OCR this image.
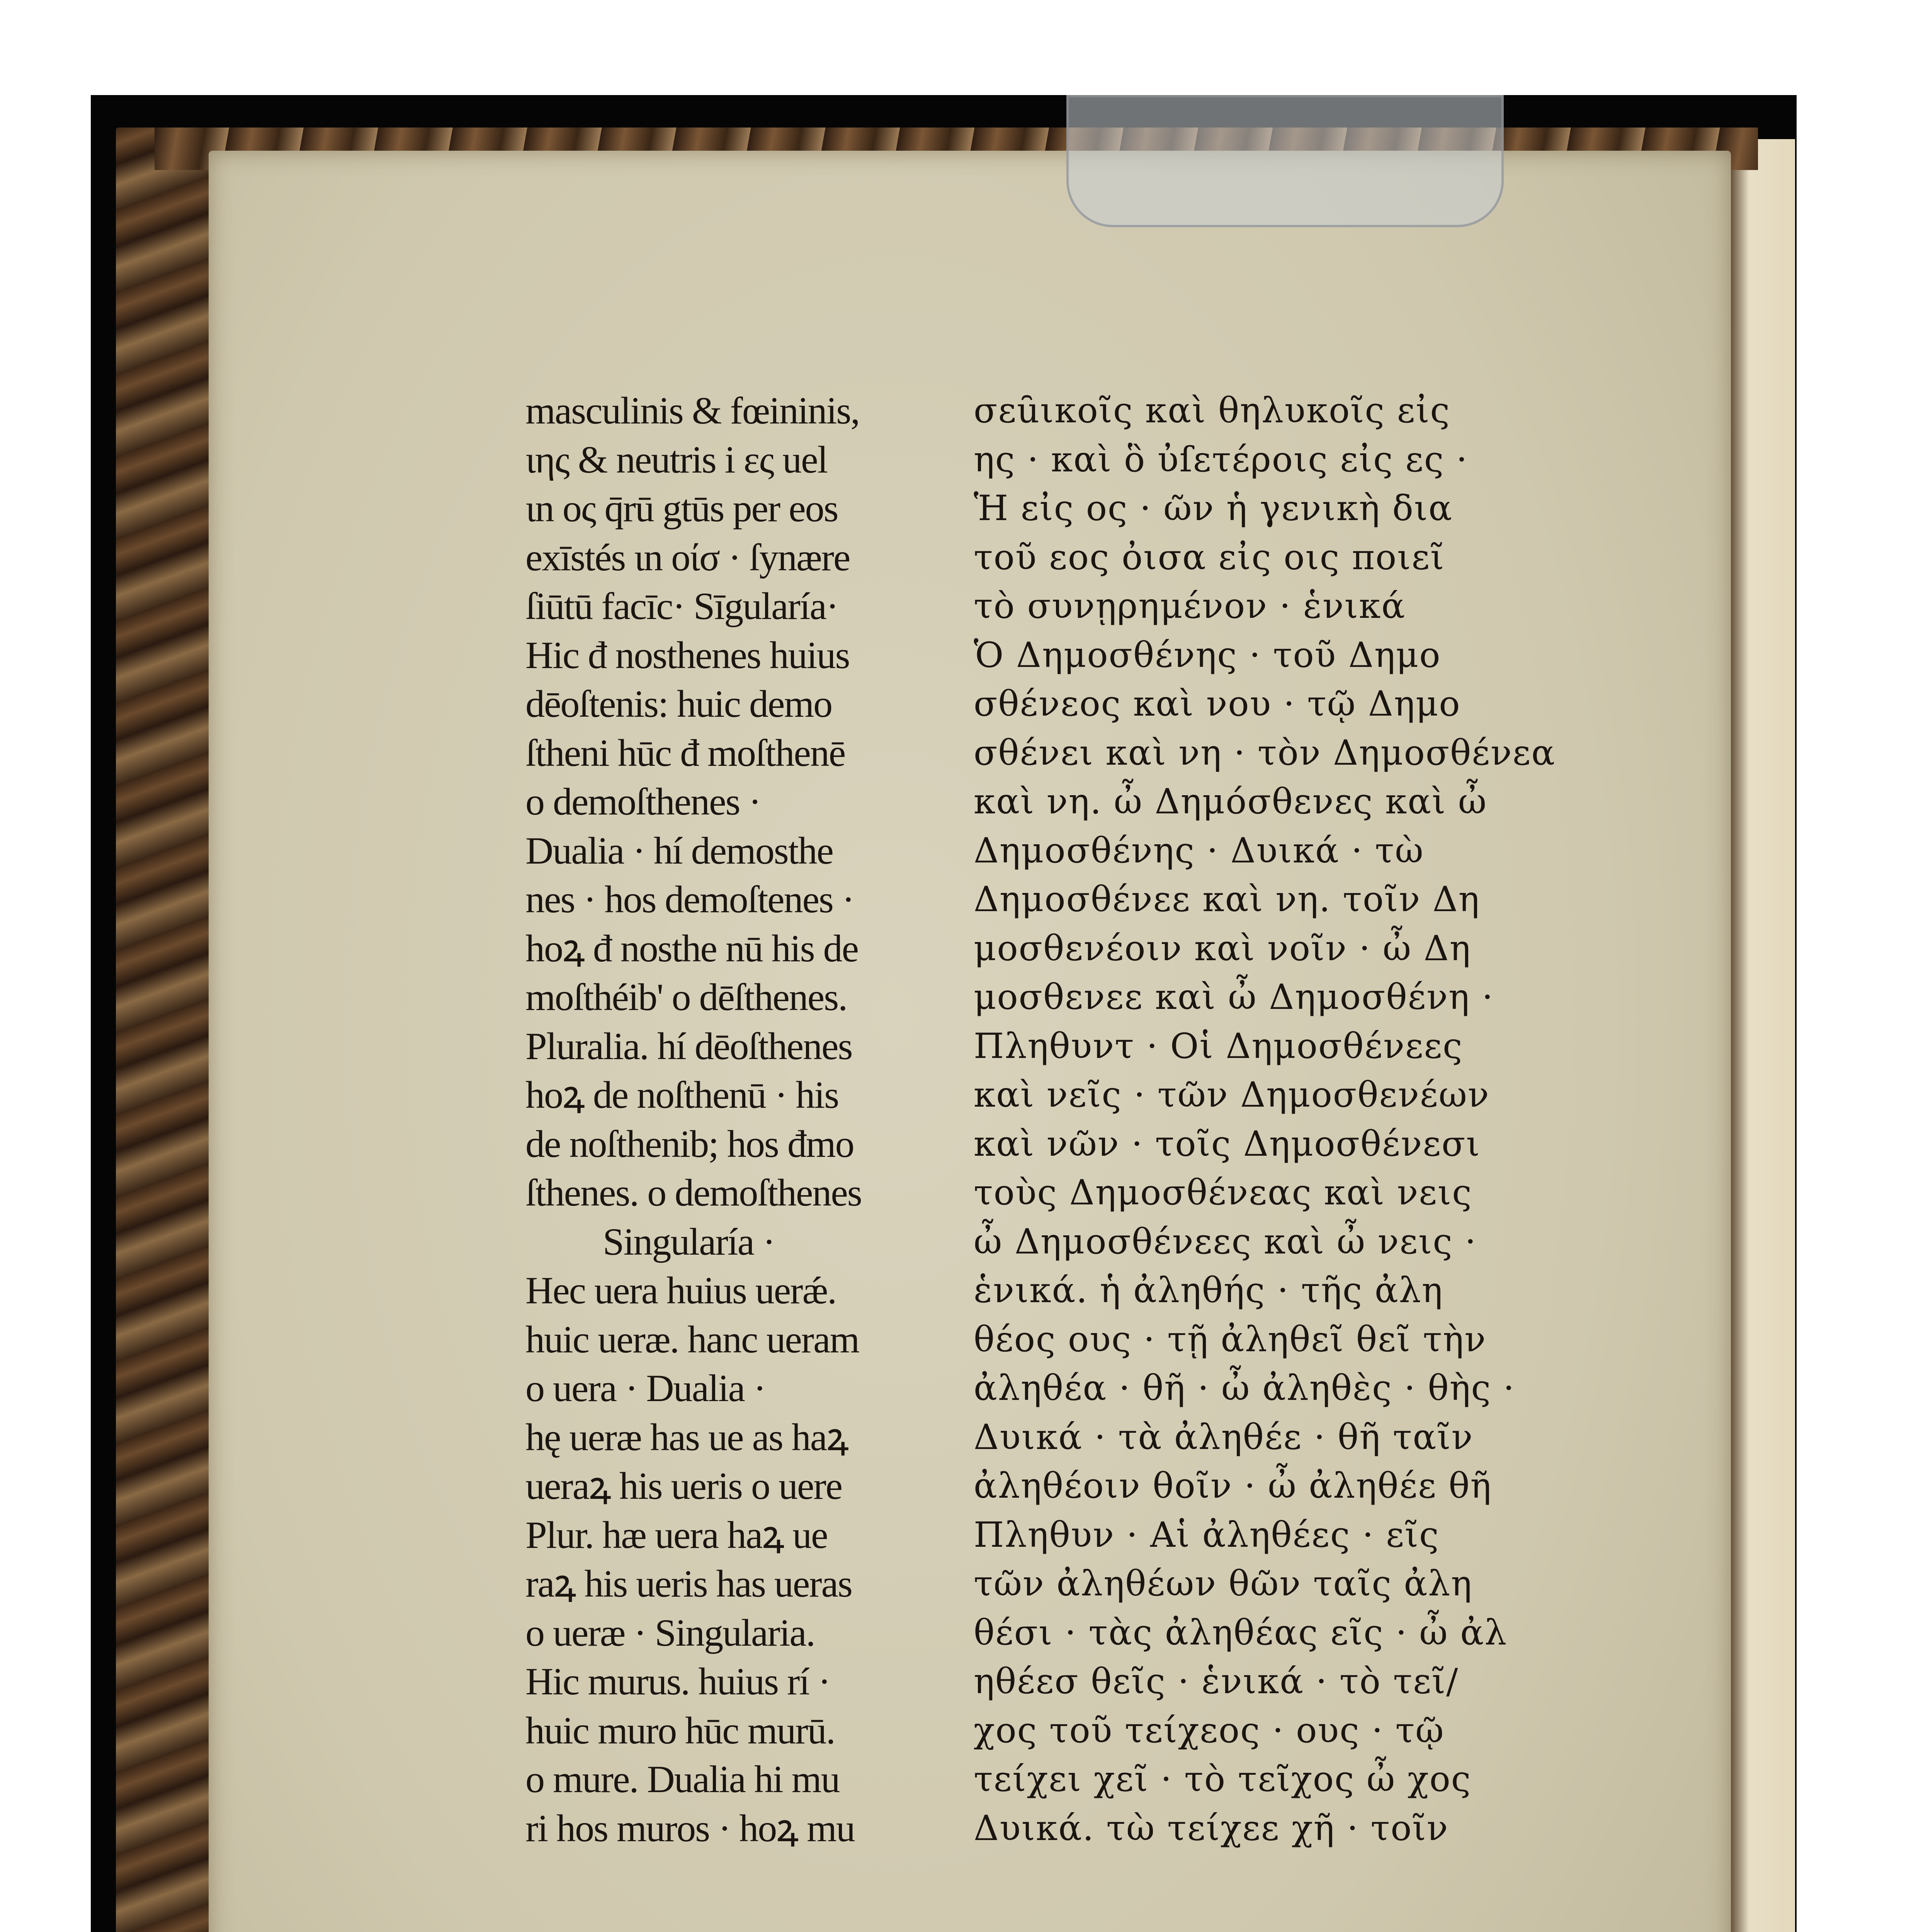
masculinis & fœininis,
ιης & neutris i ες uel
ιn oς q̄rū gtūs per eos
exīstés ιn οίσ · ſynære
ſiūtū facīc· Sīgularía·
Hic đ nosthenes huius
dēoſtenis: huic demo
ſtheni hūc đ moſthenē
o demoſthenes ·
Dualia · hí demosthe
nes · hos demoſtenes ·
hoꝝ đ nosthe nū his de
moſthéib' o dēſthenes.
Pluralia. hí dēoſthenes
hoꝝ de noſthenū · his
de noſthenib; hos đmo
ſthenes. o demoſthenes
Singularía ·
Hec uera huius uerǽ.
huic ueræ. hanc ueram
o uera · Dualia ·
hę ueræ has ue as haꝝ
ueraꝝ his ueris o uere
Plur. hæ uera haꝝ ue
raꝝ his ueris has ueras
o ueræ · Singularia.
Hic murus. huius rí ·
huic muro hūc murū.
o mure. Dualia hi mu
ri hos muros · hoꝝ mu
σεȗικοῖς καὶ θηλυκοῖς εἰς
ης · καὶ ὃ ὐſετέροις εἰς ες ·
Ἡ εἰς ος · ῶν ἡ γενικὴ δια
τοῦ εος ὀισα εἰς οις ποιεῖ
τὸ συνῃρημένον · ἑνικά
Ὁ Δημοσθένης · τοῦ Δημο
σθένεος καὶ νου · τῷ Δημο
σθένει καὶ νη · τὸν Δημοσθένεα
καὶ νη. ὦ Δημόσθενες καὶ ὦ
Δημοσθένης · Δυικά · τὼ
Δημοσθένεε καὶ νη. τοῖν Δη
μοσθενέοιν καὶ νοῖν · ὦ Δη
μοσθενεε καὶ ὦ Δημοσθένη ·
Πληθυντ · Οἱ Δημοσθένεες
καὶ νεῖς · τῶν Δημοσθενέων
καὶ νῶν · τοῖς Δημοσθένεσι
τοὺς Δημοσθένεας καὶ νεις
ὦ Δημοσθένεες καὶ ὦ νεις ·
ἑνικά. ἡ ἀληθής · τῆς ἀλη
θέος ους · τῇ ἀληθεῖ θεῖ τὴν
ἀληθέα · θῆ · ὦ ἀληθὲς · θὴς ·
Δυικά · τὰ ἀληθέε · θῆ ταῖν
ἀληθέοιν θοῖν · ὦ ἀληθέε θῆ
Πληθυν · Αἱ ἀληθέες · εῖς
τῶν ἀληθέων θῶν ταῖς ἀλη
θέσι · τὰς ἀληθέας εῖς · ὦ ἀλ
ηθέεσ θεῖς · ἑνικά · τὸ τεῖ/
χος τοῦ τείχεος · ους · τῷ
τείχει χεῖ · τὸ τεῖχος ὦ χος
Δυικά. τὼ τείχεε χῆ · τοῖν
